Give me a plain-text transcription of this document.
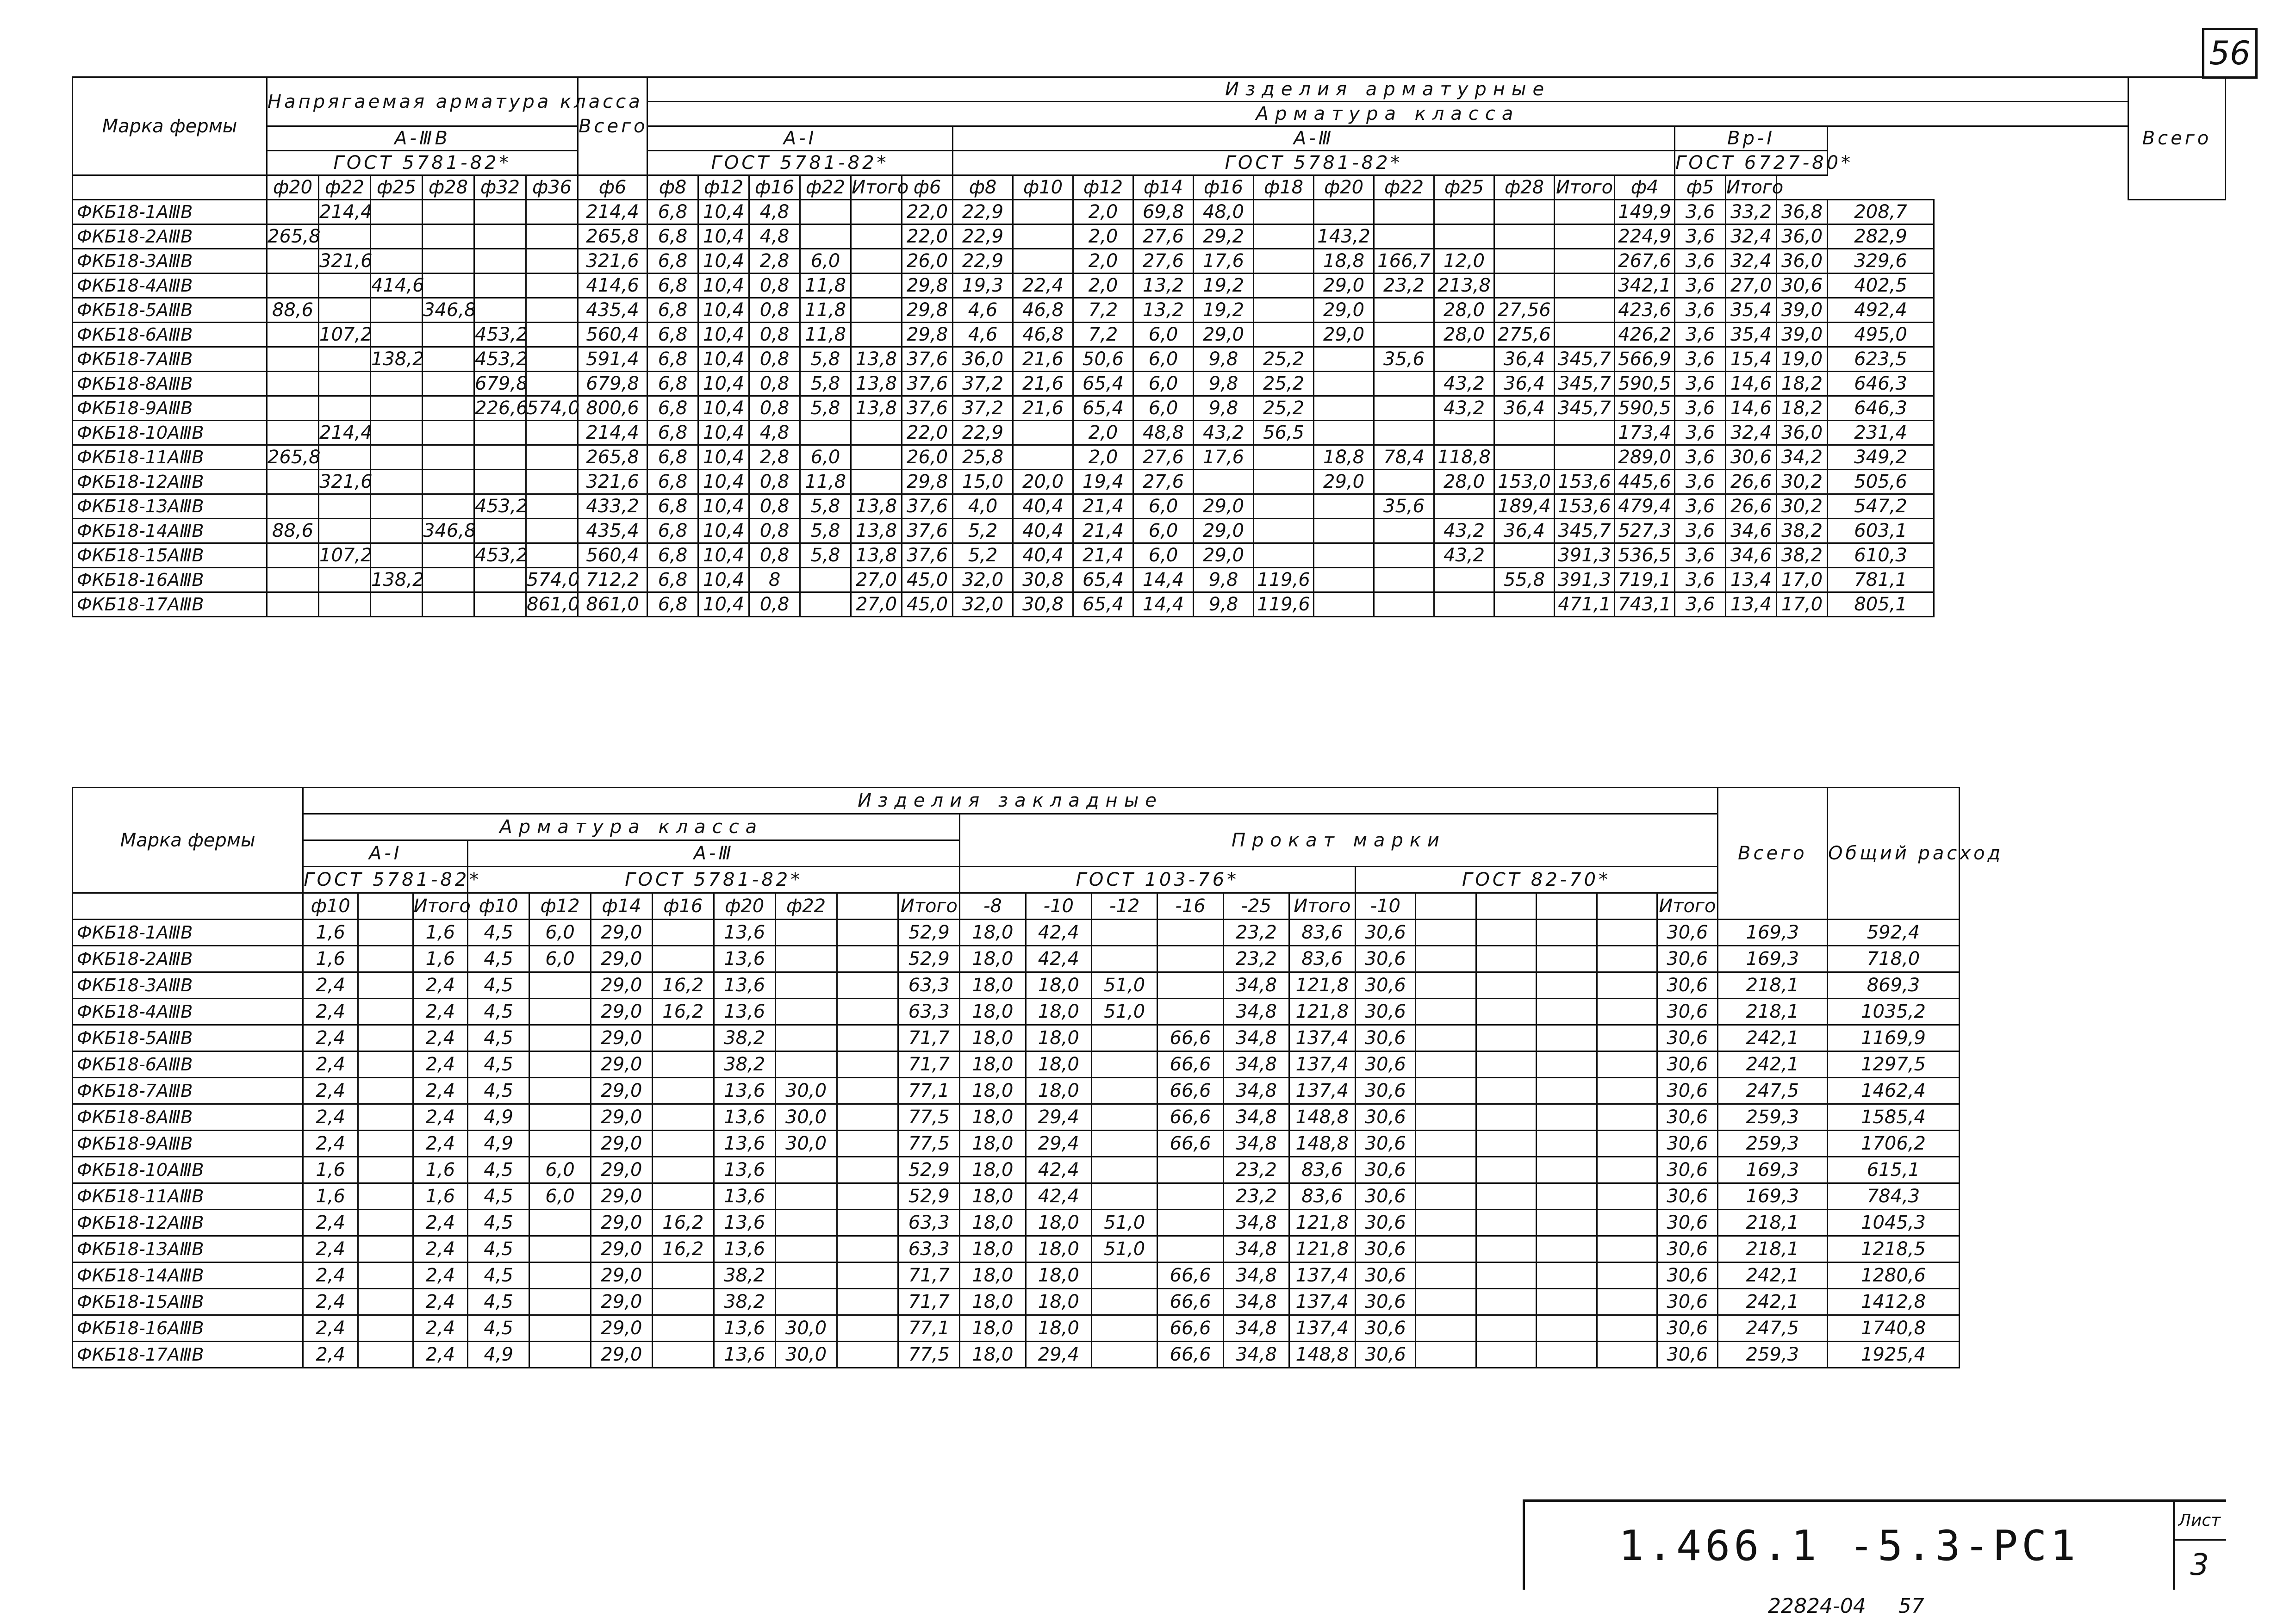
56
Марка фермы	Напрягаемая арматура класса						Всего	Изделия арматурные																						Всего
								Арматура класса																						
	А-ⅢВ							А-I						А-Ⅲ												Вр-I				
	ГОСТ 5781-82*							ГОСТ 5781-82*						ГОСТ 5781-82*												ГОСТ 6727-80*				
	ф20	ф22	ф25	ф28	ф32	ф36	ф6	ф8	ф12	ф16	ф22	Итого	ф6	ф8	ф10	ф12	ф14	ф16	ф18	ф20	ф22	ф25	ф28	Итого	ф4	ф5	Итого			
ФКБ18-1АⅢВ		214,4					214,4	6,8	10,4	4,8			22,0	22,9		2,0	69,8	48,0							149,9	3,6	33,2	36,8	208,7	
ФКБ18-2АⅢВ	265,8						265,8	6,8	10,4	4,8			22,0	22,9		2,0	27,6	29,2		143,2					224,9	3,6	32,4	36,0	282,9	
ФКБ18-3АⅢВ		321,6					321,6	6,8	10,4	2,8	6,0		26,0	22,9		2,0	27,6	17,6		18,8	166,7	12,0			267,6	3,6	32,4	36,0	329,6	
ФКБ18-4АⅢВ			414,6				414,6	6,8	10,4	0,8	11,8		29,8	19,3	22,4	2,0	13,2	19,2		29,0	23,2	213,8			342,1	3,6	27,0	30,6	402,5	
ФКБ18-5АⅢВ	88,6			346,8			435,4	6,8	10,4	0,8	11,8		29,8	4,6	46,8	7,2	13,2	19,2		29,0		28,0	27,56		423,6	3,6	35,4	39,0	492,4	
ФКБ18-6АⅢВ		107,2			453,2		560,4	6,8	10,4	0,8	11,8		29,8	4,6	46,8	7,2	6,0	29,0		29,0		28,0	275,6		426,2	3,6	35,4	39,0	495,0	
ФКБ18-7АⅢВ			138,2		453,2		591,4	6,8	10,4	0,8	5,8	13,8	37,6	36,0	21,6	50,6	6,0	9,8	25,2		35,6		36,4	345,7	566,9	3,6	15,4	19,0	623,5	
ФКБ18-8АⅢВ					679,8		679,8	6,8	10,4	0,8	5,8	13,8	37,6	37,2	21,6	65,4	6,0	9,8	25,2			43,2	36,4	345,7	590,5	3,6	14,6	18,2	646,3	
ФКБ18-9АⅢВ					226,6	574,0	800,6	6,8	10,4	0,8	5,8	13,8	37,6	37,2	21,6	65,4	6,0	9,8	25,2			43,2	36,4	345,7	590,5	3,6	14,6	18,2	646,3	
ФКБ18-10АⅢВ		214,4					214,4	6,8	10,4	4,8			22,0	22,9		2,0	48,8	43,2	56,5						173,4	3,6	32,4	36,0	231,4	
ФКБ18-11АⅢВ	265,8						265,8	6,8	10,4	2,8	6,0		26,0	25,8		2,0	27,6	17,6		18,8	78,4	118,8			289,0	3,6	30,6	34,2	349,2	
ФКБ18-12АⅢВ		321,6					321,6	6,8	10,4	0,8	11,8		29,8	15,0	20,0	19,4	27,6			29,0		28,0	153,0	153,6	445,6	3,6	26,6	30,2	505,6	
ФКБ18-13АⅢВ					453,2		433,2	6,8	10,4	0,8	5,8	13,8	37,6	4,0	40,4	21,4	6,0	29,0			35,6		189,4	153,6	479,4	3,6	26,6	30,2	547,2	
ФКБ18-14АⅢВ	88,6			346,8			435,4	6,8	10,4	0,8	5,8	13,8	37,6	5,2	40,4	21,4	6,0	29,0				43,2	36,4	345,7	527,3	3,6	34,6	38,2	603,1	
ФКБ18-15АⅢВ		107,2			453,2		560,4	6,8	10,4	0,8	5,8	13,8	37,6	5,2	40,4	21,4	6,0	29,0				43,2		391,3	536,5	3,6	34,6	38,2	610,3	
ФКБ18-16АⅢВ			138,2			574,0	712,2	6,8	10,4	8		27,0	45,0	32,0	30,8	65,4	14,4	9,8	119,6				55,8	391,3	719,1	3,6	13,4	17,0	781,1	
ФКБ18-17АⅢВ						861,0	861,0	6,8	10,4	0,8		27,0	45,0	32,0	30,8	65,4	14,4	9,8	119,6					471,1	743,1	3,6	13,4	17,0	805,1	
Марка фермы	Изделия закладные																							Всего	Общий расход
	Арматура класса											Прокат марки													
	А-I			А-Ⅲ																					
	ГОСТ 5781-82*			ГОСТ 5781-82*								ГОСТ 103-76*						ГОСТ 82-70*							
	ф10		Итого	ф10	ф12	ф14	ф16	ф20	ф22		Итого	-8	-10	-12	-16	-25	Итого	-10					Итого		
ФКБ18-1АⅢВ	1,6		1,6	4,5	6,0	29,0		13,6			52,9	18,0	42,4			23,2	83,6	30,6					30,6	169,3	592,4
ФКБ18-2АⅢВ	1,6		1,6	4,5	6,0	29,0		13,6			52,9	18,0	42,4			23,2	83,6	30,6					30,6	169,3	718,0
ФКБ18-3АⅢВ	2,4		2,4	4,5		29,0	16,2	13,6			63,3	18,0	18,0	51,0		34,8	121,8	30,6					30,6	218,1	869,3
ФКБ18-4АⅢВ	2,4		2,4	4,5		29,0	16,2	13,6			63,3	18,0	18,0	51,0		34,8	121,8	30,6					30,6	218,1	1035,2
ФКБ18-5АⅢВ	2,4		2,4	4,5		29,0		38,2			71,7	18,0	18,0		66,6	34,8	137,4	30,6					30,6	242,1	1169,9
ФКБ18-6АⅢВ	2,4		2,4	4,5		29,0		38,2			71,7	18,0	18,0		66,6	34,8	137,4	30,6					30,6	242,1	1297,5
ФКБ18-7АⅢВ	2,4		2,4	4,5		29,0		13,6	30,0		77,1	18,0	18,0		66,6	34,8	137,4	30,6					30,6	247,5	1462,4
ФКБ18-8АⅢВ	2,4		2,4	4,9		29,0		13,6	30,0		77,5	18,0	29,4		66,6	34,8	148,8	30,6					30,6	259,3	1585,4
ФКБ18-9АⅢВ	2,4		2,4	4,9		29,0		13,6	30,0		77,5	18,0	29,4		66,6	34,8	148,8	30,6					30,6	259,3	1706,2
ФКБ18-10АⅢВ	1,6		1,6	4,5	6,0	29,0		13,6			52,9	18,0	42,4			23,2	83,6	30,6					30,6	169,3	615,1
ФКБ18-11АⅢВ	1,6		1,6	4,5	6,0	29,0		13,6			52,9	18,0	42,4			23,2	83,6	30,6					30,6	169,3	784,3
ФКБ18-12АⅢВ	2,4		2,4	4,5		29,0	16,2	13,6			63,3	18,0	18,0	51,0		34,8	121,8	30,6					30,6	218,1	1045,3
ФКБ18-13АⅢВ	2,4		2,4	4,5		29,0	16,2	13,6			63,3	18,0	18,0	51,0		34,8	121,8	30,6					30,6	218,1	1218,5
ФКБ18-14АⅢВ	2,4		2,4	4,5		29,0		38,2			71,7	18,0	18,0		66,6	34,8	137,4	30,6					30,6	242,1	1280,6
ФКБ18-15АⅢВ	2,4		2,4	4,5		29,0		38,2			71,7	18,0	18,0		66,6	34,8	137,4	30,6					30,6	242,1	1412,8
ФКБ18-16АⅢВ	2,4		2,4	4,5		29,0		13,6	30,0		77,1	18,0	18,0		66,6	34,8	137,4	30,6					30,6	247,5	1740,8
ФКБ18-17АⅢВ	2,4		2,4	4,9		29,0		13,6	30,0		77,5	18,0	29,4		66,6	34,8	148,8	30,6					30,6	259,3	1925,4
1.466.1 -5.3-PC1
Лист
3
22824-04 57
